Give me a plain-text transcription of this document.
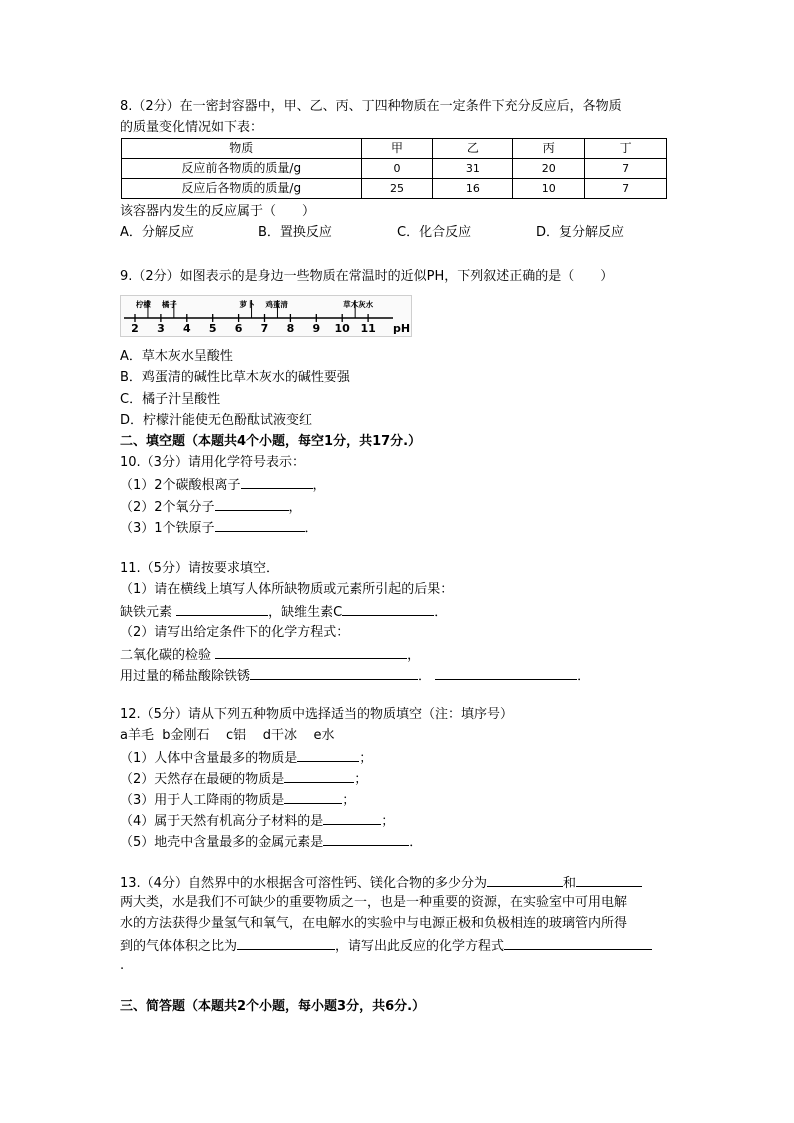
8.（2分）在一密封容器中，甲、乙、丙、丁四种物质在一定条件下充分反应后，各物质
的质量变化情况如下表：
物质	甲	乙	丙	丁
反应前各物质的质量/g	0	31	20	7
反应后各物质的质量/g	25	16	10	7
该容器内发生的反应属于（　　）
A．分解反应	B．置换反应	C．化合反应	D．复分解反应
9.（2分）如图表示的是身边一些物质在常温时的近似PH，下列叙述正确的是（　　）
2 3 4 5 6 7 8 9 10 11
柠檬 橘子	萝卜 鸡蛋清	草木灰水
pH
A．草木灰水呈酸性
B．鸡蛋清的碱性比草木灰水的碱性要强
C．橘子汁呈酸性
D．柠檬汁能使无色酚酞试液变红
二、填空题（本题共4个小题，每空1分，共17分.）
10.（3分）请用化学符号表示：
（1）2个碳酸根离子	，
（2）2个氧分子	，
（3）1个铁原子	．
11.（5分）请按要求填空．
（1）请在横线上填写人体所缺物质或元素所引起的后果：
缺铁元素	，缺维生素C	．
（2）请写出给定条件下的化学方程式：
二氧化碳的检验	，
用过量的稀盐酸除铁锈	．	．
12.（5分）请从下列五种物质中选择适当的物质填空（注：填序号）
a羊毛 b金刚石 c铝 d干冰 e水
（1）人体中含量最多的物质是	；
（2）天然存在最硬的物质是	；
（3）用于人工降雨的物质是	；
（4）属于天然有机高分子材料的是	；
（5）地壳中含量最多的金属元素是	．
13.（4分）自然界中的水根据含可溶性钙、镁化合物的多少分为	和
两大类，水是我们不可缺少的重要物质之一，也是一种重要的资源，在实验室中可用电解
水的方法获得少量氢气和氧气，在电解水的实验中与电源正极和负极相连的玻璃管内所得
到的气体体积之比为	，请写出此反应的化学方程式
.
三、简答题（本题共2个小题，每小题3分，共6分.）
